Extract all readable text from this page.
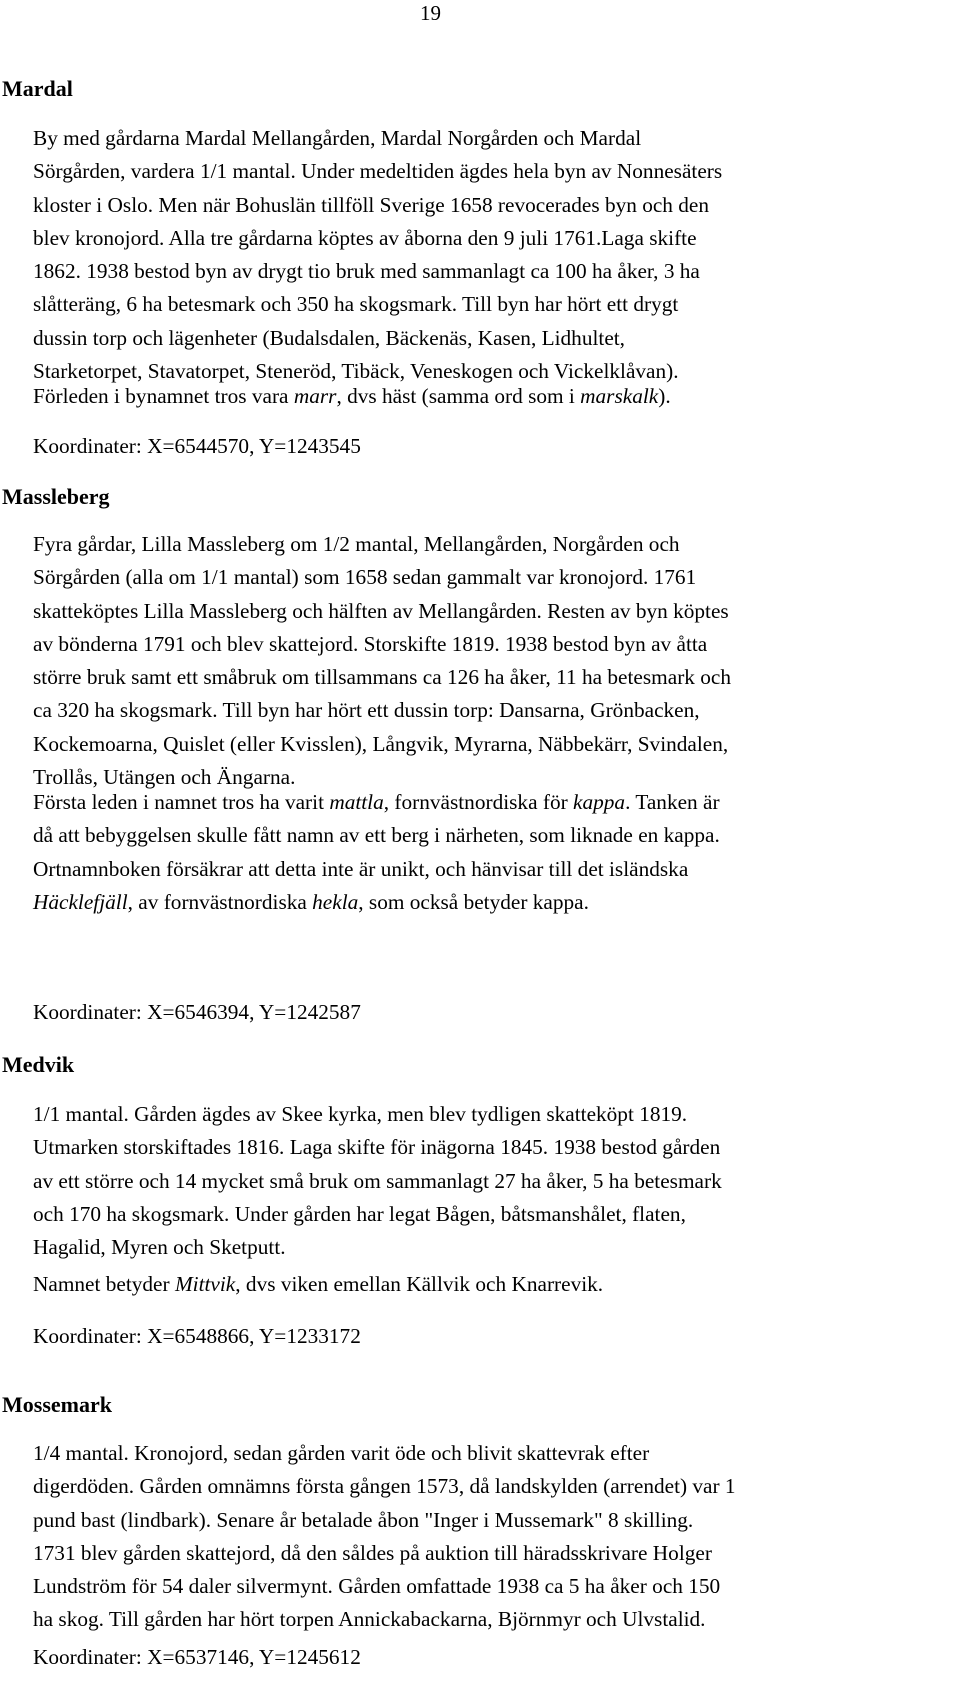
19
Mardal
By med gårdarna Mardal Mellangården, Mardal Norgården och Mardal
Sörgården, vardera 1/1 mantal. Under medeltiden ägdes hela byn av Nonnesäters
kloster i Oslo. Men när Bohuslän tillföll Sverige 1658 revocerades byn och den
blev kronojord. Alla tre gårdarna köptes av åborna den 9 juli 1761.Laga skifte
1862. 1938 bestod byn av drygt tio bruk med sammanlagt ca 100 ha åker, 3 ha
slåtteräng, 6 ha betesmark och 350 ha skogsmark. Till byn har hört ett drygt
dussin torp och lägenheter (Budalsdalen, Bäckenäs, Kasen, Lidhultet,
Starketorpet, Stavatorpet, Steneröd, Tibäck, Veneskogen och Vickelklåvan).
Förleden i bynamnet tros vara marr, dvs häst (samma ord som i marskalk).
Koordinater: X=6544570, Y=1243545
Massleberg
Fyra gårdar, Lilla Massleberg om 1/2 mantal, Mellangården, Norgården och
Sörgården (alla om 1/1 mantal) som 1658 sedan gammalt var kronojord. 1761
skatteköptes Lilla Massleberg och hälften av Mellangården. Resten av byn köptes
av bönderna 1791 och blev skattejord. Storskifte 1819. 1938 bestod byn av åtta
större bruk samt ett småbruk om tillsammans ca 126 ha åker, 11 ha betesmark och
ca 320 ha skogsmark. Till byn har hört ett dussin torp: Dansarna, Grönbacken,
Kockemoarna, Quislet (eller Kvisslen), Långvik, Myrarna, Näbbekärr, Svindalen,
Trollås, Utängen och Ängarna.
Första leden i namnet tros ha varit mattla, fornvästnordiska för kappa. Tanken är
då att bebyggelsen skulle fått namn av ett berg i närheten, som liknade en kappa.
Ortnamnboken försäkrar att detta inte är unikt, och hänvisar till det isländska
Häcklefjäll, av fornvästnordiska hekla, som också betyder kappa.
Koordinater: X=6546394, Y=1242587
Medvik
1/1 mantal. Gården ägdes av Skee kyrka, men blev tydligen skatteköpt 1819.
Utmarken storskiftades 1816. Laga skifte för inägorna 1845. 1938 bestod gården
av ett större och 14 mycket små bruk om sammanlagt 27 ha åker, 5 ha betesmark
och 170 ha skogsmark. Under gården har legat Bågen, båtsmanshålet, flaten,
Hagalid, Myren och Sketputt.
Namnet betyder Mittvik, dvs viken emellan Källvik och Knarrevik.
Koordinater: X=6548866, Y=1233172
Mossemark
1/4 mantal. Kronojord, sedan gården varit öde och blivit skattevrak efter
digerdöden. Gården omnämns första gången 1573, då landskylden (arrendet) var 1
pund bast (lindbark). Senare år betalade åbon "Inger i Mussemark" 8 skilling.
1731 blev gården skattejord, då den såldes på auktion till häradsskrivare Holger
Lundström för 54 daler silvermynt. Gården omfattade 1938 ca 5 ha åker och 150
ha skog. Till gården har hört torpen Annickabackarna, Björnmyr och Ulvstalid.
Koordinater: X=6537146, Y=1245612
